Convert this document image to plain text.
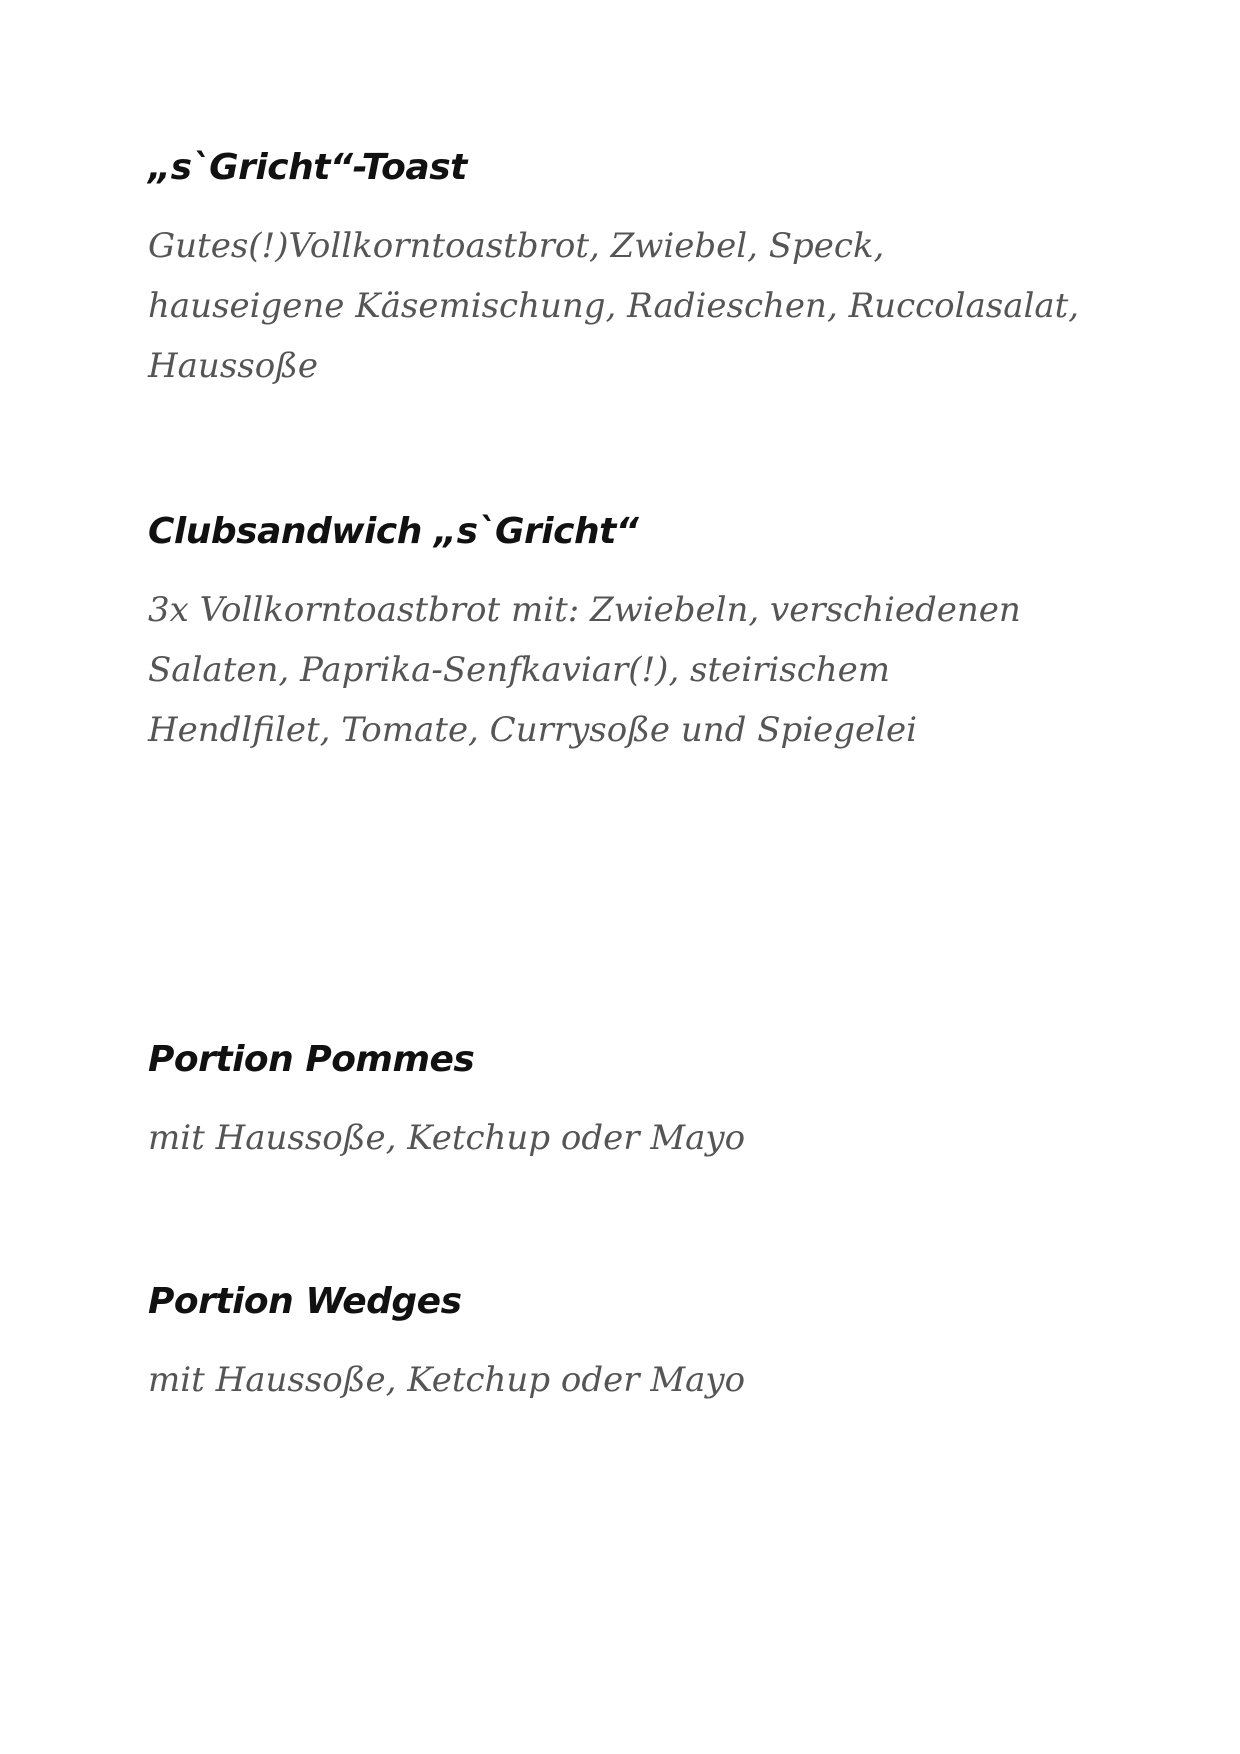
„s`Gricht“-Toast

Gutes(!)Vollkorntoastbrot, Zwiebel, Speck,
hauseigene Käsemischung, Radieschen, Ruccolasalat,
Haussoße

Clubsandwich „s`Gricht“

3x Vollkorntoastbrot mit: Zwiebeln, verschiedenen
Salaten, Paprika-Senfkaviar(!), steirischem
Hendlfilet, Tomate, Currysoße und Spiegelei

Portion Pommes

mit Haussoße, Ketchup oder Mayo

Portion Wedges

mit Haussoße, Ketchup oder Mayo
